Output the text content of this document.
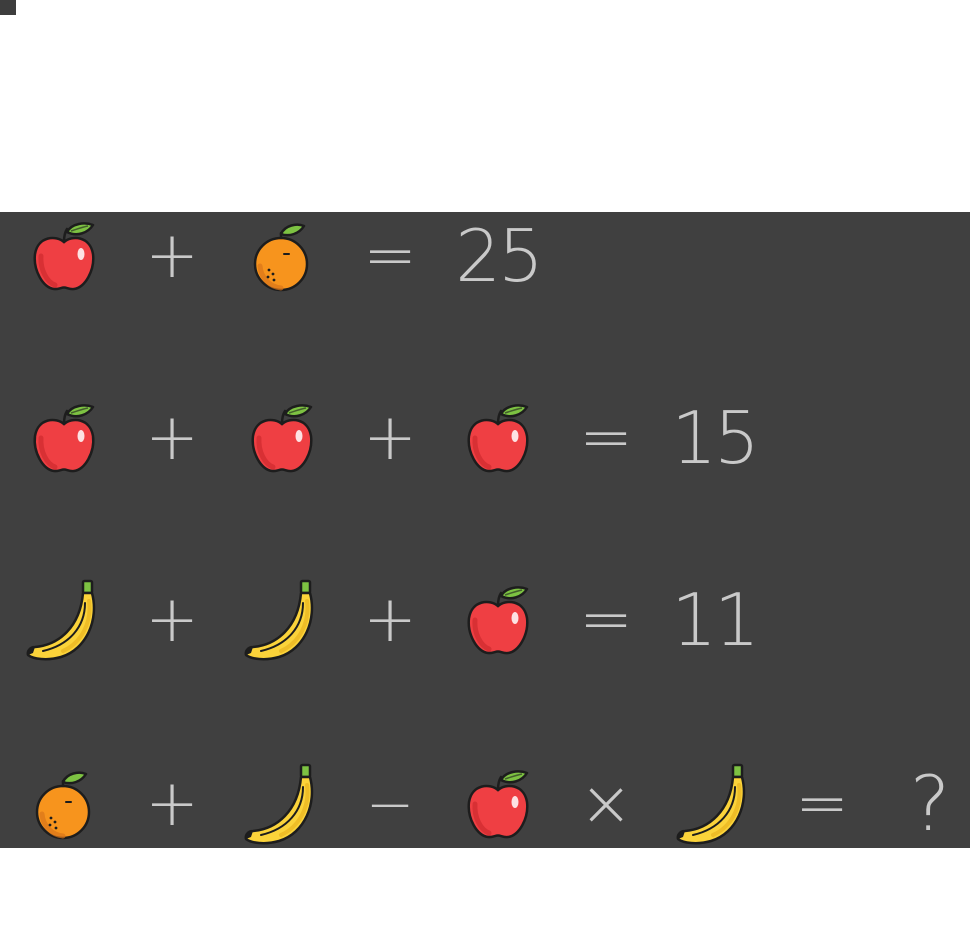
+	= 25
+	+	= 15
+	+	= 11
+	−	×	= ?
